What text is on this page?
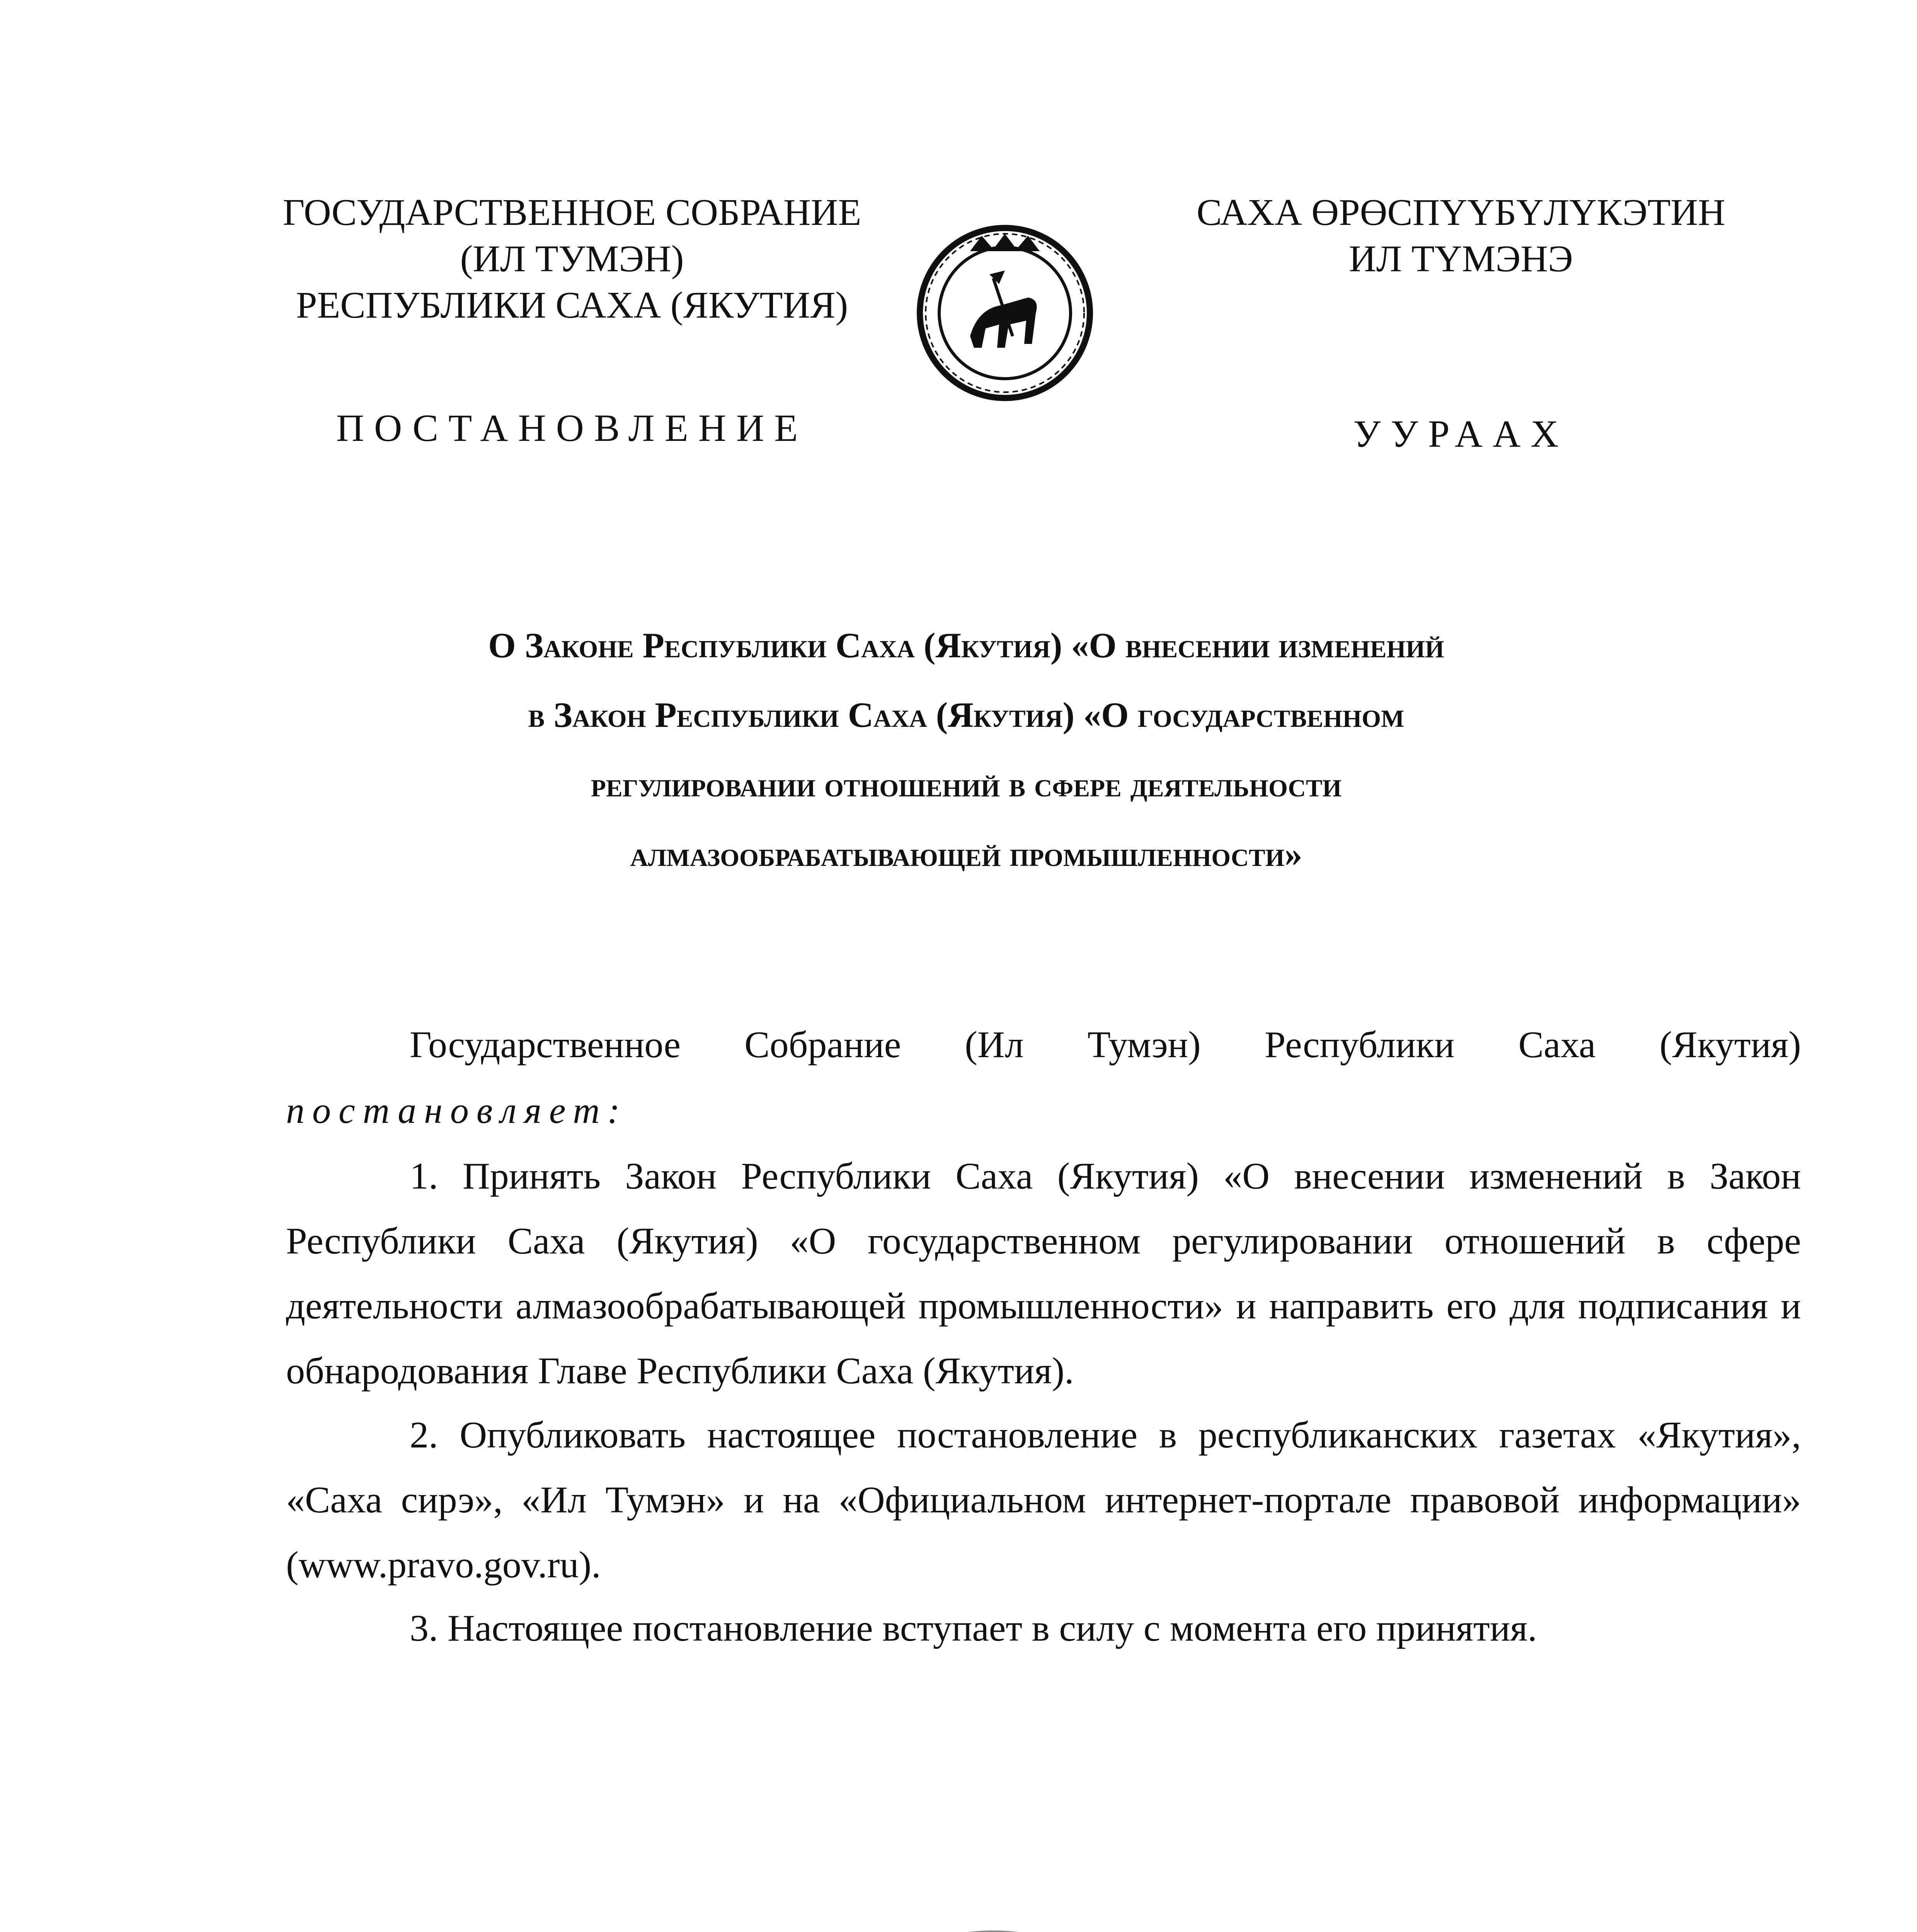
ГОСУДАРСТВЕННОЕ СОБРАНИЕ
(ИЛ ТУМЭН)
РЕСПУБЛИКИ САХА (ЯКУТИЯ)
САХА ӨРӨСПҮҮБҮЛҮКЭТИН
ИЛ ТҮМЭНЭ
ПОСТАНОВЛЕНИЕ	УУРААХ
О Законе Республики Саха (Якутия) «О внесении изменений
в Закон Республики Саха (Якутия) «О государственном
регулировании отношений в сфере деятельности
алмазообрабатывающей промышленности»
Государственное Собрание (Ил Тумэн) Республики Саха (Якутия)
постановляет:
1. Принять Закон Республики Саха (Якутия) «О внесении изменений в Закон Республики Саха (Якутия) «О государственном регулировании отношений в сфере деятельности алмазообрабатывающей промышленности» и направить его для подписания и обнародования Главе Республики Саха (Якутия).
2. Опубликовать настоящее постановление в республиканских газетах «Якутия», «Саха сирэ», «Ил Тумэн» и на «Официальном интернет-портале правовой информации» (www.pravo.gov.ru).
3. Настоящее постановление вступает в силу с момента его принятия.
